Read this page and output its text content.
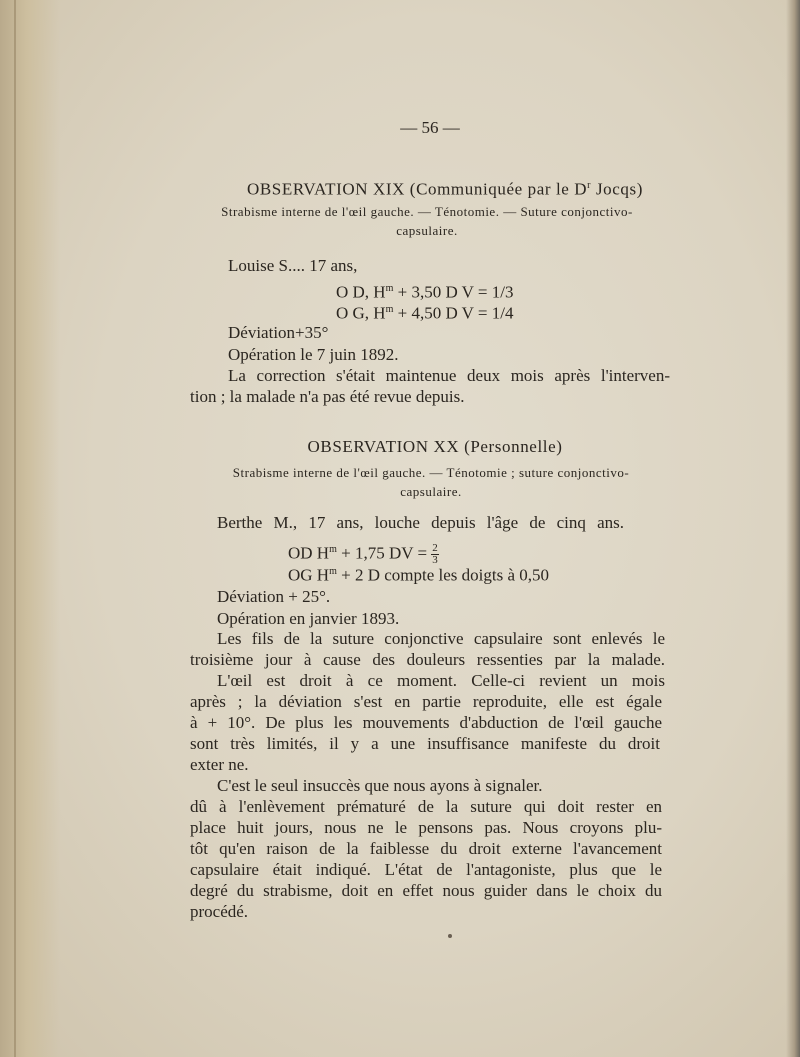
— 56 —
OBSERVATION XIX (Communiquée par le $D^r$ Jocqs)
Strabisme interne de l'œil gauche. — Ténotomie. — Suture conjonctivo-
capsulaire.
Louise S.... 17 ans,
O D, $H^m + 3,50$ D V = 1/3
O G, $H^m + 4,50$ D V = 1/4
Déviation+35°
Opération le 7 juin 1892.
La correction s'était maintenue deux mois après l'interven-
tion ; la malade n'a pas été revue depuis.
OBSERVATION XX (Personnelle)
Strabisme interne de l'œil gauche. — Ténotomie ; suture conjonctivo-
capsulaire.
Berthe M., 17 ans, louche depuis l'âge de cinq ans.
OD $H^m + 1,75$ DV = $\frac{2}{3}$
OG $H^m + 2$ D compte les doigts à 0,50
Déviation + 25°.
Opération en janvier 1893.
Les fils de la suture conjonctive capsulaire sont enlevés le
troisième jour à cause des douleurs ressenties par la malade.
L'œil est droit à ce moment. Celle-ci revient un mois
après ; la déviation s'est en partie reproduite, elle est égale
à + 10°. De plus les mouvements d'abduction de l'œil gauche
sont très limités, il y a une insuffisance manifeste du droit
exter ne.
C'est le seul insuccès que nous ayons à signaler.
dû à l'enlèvement prématuré de la suture qui doit rester en
place huit jours, nous ne le pensons pas. Nous croyons plu-
tôt qu'en raison de la faiblesse du droit externe l'avancement
capsulaire était indiqué. L'état de l'antagoniste, plus que le
degré du strabisme, doit en effet nous guider dans le choix du
procédé.
